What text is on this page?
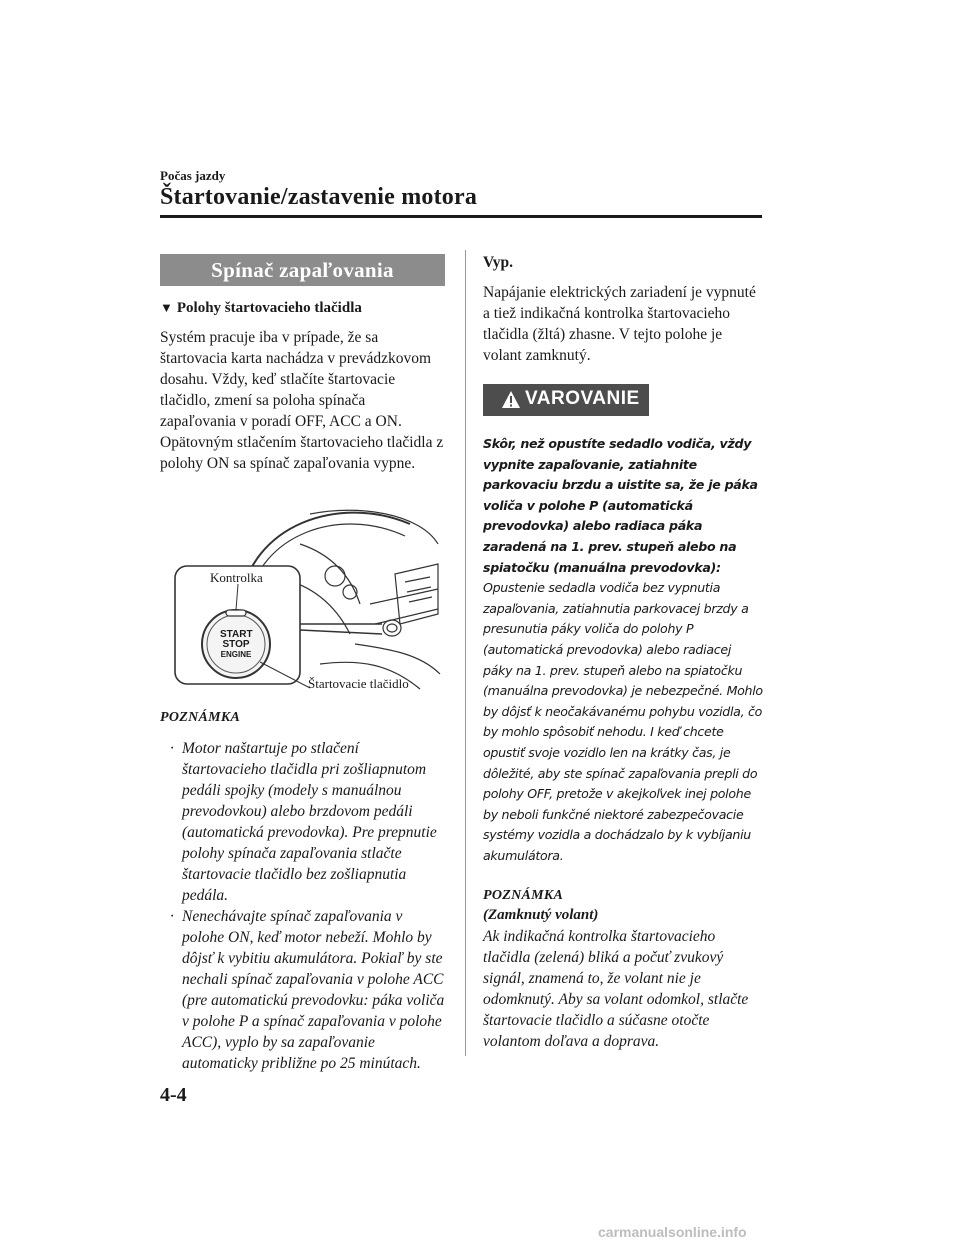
Počas jazdy
Štartovanie/zastavenie motora
Spínač zapaľovania
▼ Polohy štartovacieho tlačidla
Systém pracuje iba v prípade, že sa štartovacia karta nachádza v prevádzkovom dosahu. Vždy, keď stlačíte štartovacie tlačidlo, zmení sa poloha spínača zapaľovania v poradí OFF, ACC a ON. Opätovným stlačením štartovacieho tlačidla z polohy ON sa spínač zapaľovania vypne.
Kontrolka
START
STOP
ENGINE
Štartovacie tlačidlo
POZNÁMKA
· Motor naštartuje po stlačení štartovacieho tlačidla pri zošliapnutom pedáli spojky (modely s manuálnou prevodovkou) alebo brzdovom pedáli (automatická prevodovka). Pre prepnutie polohy spínača zapaľovania stlačte štartovacie tlačidlo bez zošliapnutia pedála.
· Nenechávajte spínač zapaľovania v polohe ON, keď motor nebeží. Mohlo by dôjsť k vybitiu akumulátora. Pokiaľ by ste nechali spínač zapaľovania v polohe ACC (pre automatickú prevodovku: páka voliča v polohe P a spínač zapaľovania v polohe ACC), vyplo by sa zapaľovanie automaticky približne po 25 minútach.
Vyp.
Napájanie elektrických zariadení je vypnuté a tiež indikačná kontrolka štartovacieho tlačidla (žltá) zhasne. V tejto polohe je volant zamknutý.
VAROVANIE
Skôr, než opustíte sedadlo vodiča, vždy vypnite zapaľovanie, zatiahnite parkovaciu brzdu a uistite sa, že je páka voliča v polohe P (automatická prevodovka) alebo radiaca páka zaradená na 1. prev. stupeň alebo na spiatočku (manuálna prevodovka):
Opustenie sedadla vodiča bez vypnutia zapaľovania, zatiahnutia parkovacej brzdy a presunutia páky voliča do polohy P (automatická prevodovka) alebo radiacej páky na 1. prev. stupeň alebo na spiatočku (manuálna prevodovka) je nebezpečné. Mohlo by dôjsť k neočakávanému pohybu vozidla, čo by mohlo spôsobiť nehodu. I keď chcete opustiť svoje vozidlo len na krátky čas, je dôležité, aby ste spínač zapaľovania prepli do polohy OFF, pretože v akejkoľvek inej polohe by neboli funkčné niektoré zabezpečovacie systémy vozidla a dochádzalo by k vybíjaniu akumulátora.
POZNÁMKA
(Zamknutý volant)
Ak indikačná kontrolka štartovacieho tlačidla (zelená) bliká a počuť zvukový signál, znamená to, že volant nie je odomknutý. Aby sa volant odomkol, stlačte štartovacie tlačidlo a súčasne otočte volantom doľava a doprava.
4-4
carmanualsonline.info
